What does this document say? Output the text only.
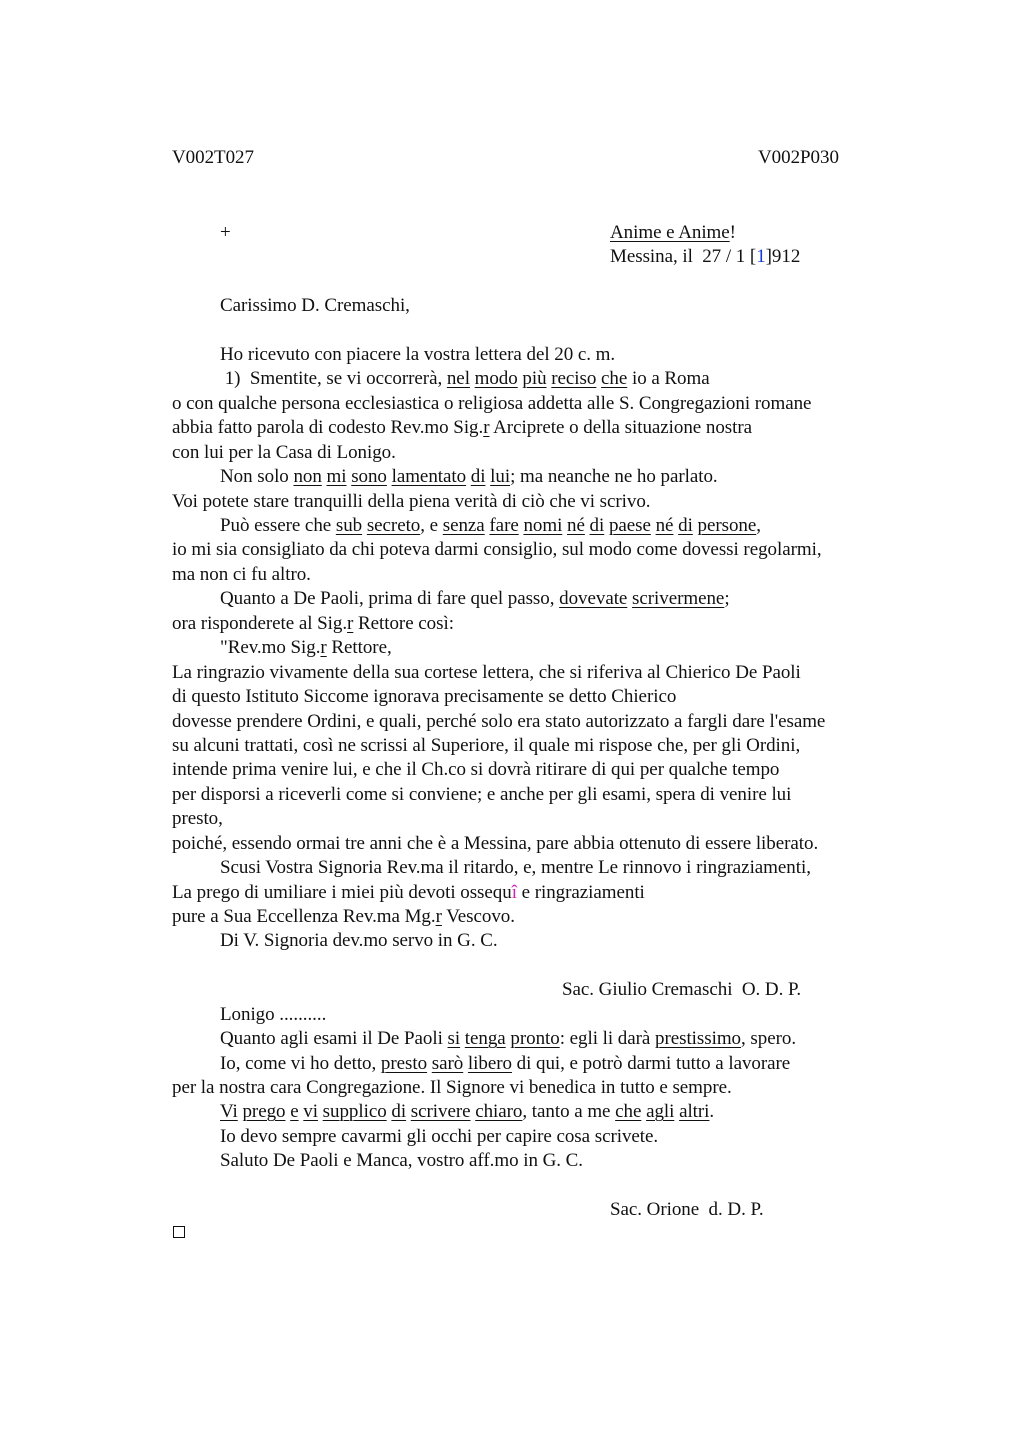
V002T027	V002P030
+	Anime e Anime!
Messina, il  27 / 1 [1]912
Carissimo D. Cremaschi,
Ho ricevuto con piacere la vostra lettera del 20 c. m.
1)  Smentite, se vi occorrerà, nel modo più reciso che io a Roma
o con qualche persona ecclesiastica o religiosa addetta alle S. Congregazioni romane
abbia fatto parola di codesto Rev.mo Sig.r Arciprete o della situazione nostra
con lui per la Casa di Lonigo.
Non solo non mi sono lamentato di lui; ma neanche ne ho parlato.
Voi potete stare tranquilli della piena verità di ciò che vi scrivo.
Può essere che sub secreto, e senza fare nomi né di paese né di persone,
io mi sia consigliato da chi poteva darmi consiglio, sul modo come dovessi regolarmi,
ma non ci fu altro.
Quanto a De Paoli, prima di fare quel passo, dovevate scrivermene;
ora risponderete al Sig.r Rettore così:
"Rev.mo Sig.r Rettore,
La ringrazio vivamente della sua cortese lettera, che si riferiva al Chierico De Paoli
di questo Istituto Siccome ignorava precisamente se detto Chierico
dovesse prendere Ordini, e quali, perché solo era stato autorizzato a fargli dare l'esame
su alcuni trattati, così ne scrissi al Superiore, il quale mi rispose che, per gli Ordini,
intende prima venire lui, e che il Ch.co si dovrà ritirare di qui per qualche tempo
per disporsi a riceverli come si conviene; e anche per gli esami, spera di venire lui
presto,
poiché, essendo ormai tre anni che è a Messina, pare abbia ottenuto di essere liberato.
Scusi Vostra Signoria Rev.ma il ritardo, e, mentre Le rinnovo i ringraziamenti,
La prego di umiliare i miei più devoti ossequî e ringraziamenti
pure a Sua Eccellenza Rev.ma Mg.r Vescovo.
Di V. Signoria dev.mo servo in G. C.
Sac. Giulio Cremaschi  O. D. P.
Lonigo ..........
Quanto agli esami il De Paoli si tenga pronto: egli li darà prestissimo, spero.
Io, come vi ho detto, presto sarò libero di qui, e potrò darmi tutto a lavorare
per la nostra cara Congregazione. Il Signore vi benedica in tutto e sempre.
Vi prego e vi supplico di scrivere chiaro, tanto a me che agli altri.
Io devo sempre cavarmi gli occhi per capire cosa scrivete.
Saluto De Paoli e Manca, vostro aff.mo in G. C.
Sac. Orione  d. D. P.
